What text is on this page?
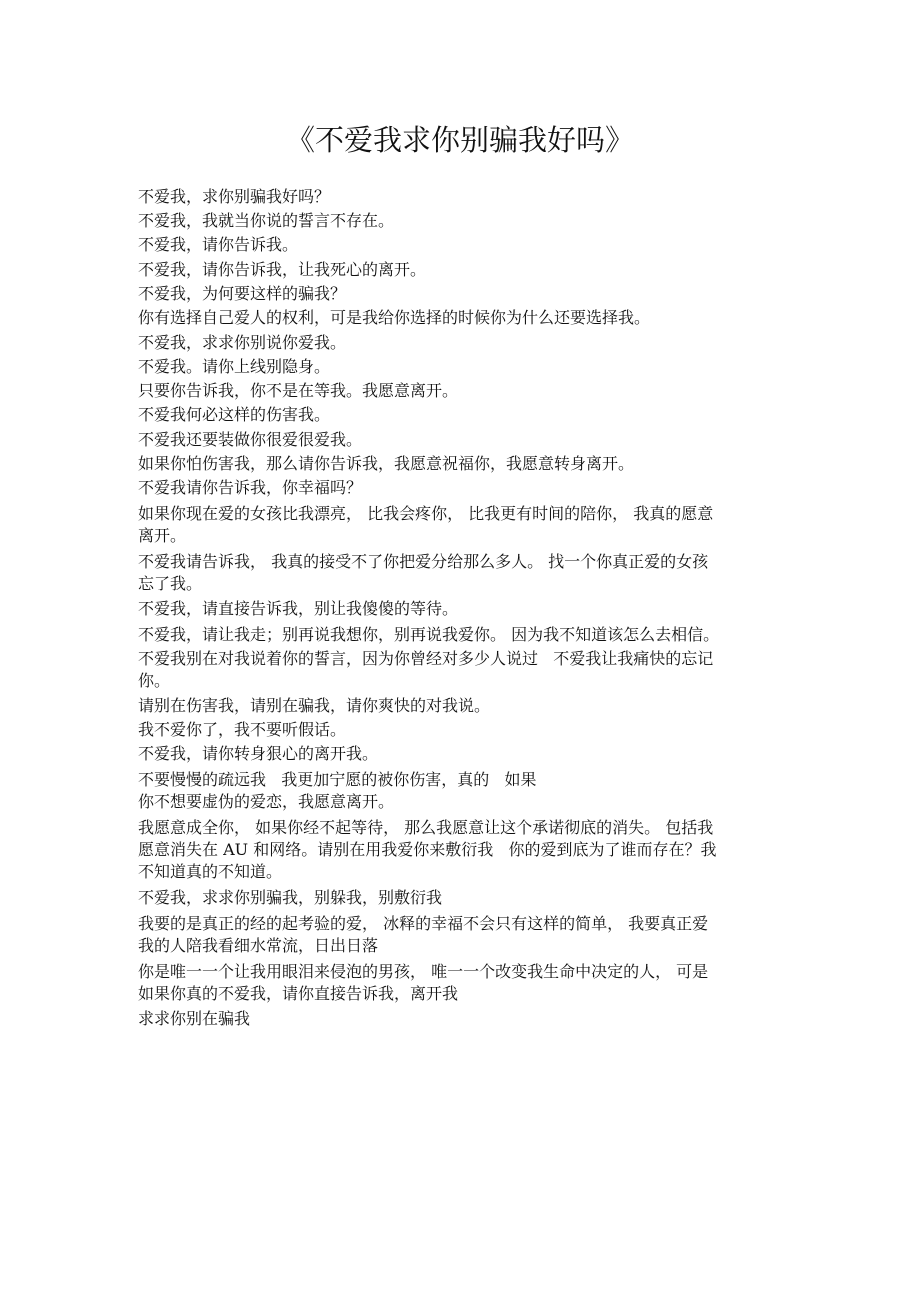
《不爱我求你别骗我好吗》
不爱我，求你别骗我好吗？
不爱我，我就当你说的誓言不存在。
不爱我，请你告诉我。
不爱我，请你告诉我，让我死心的离开。
不爱我，为何要这样的骗我？
你有选择自己爱人的权利，可是我给你选择的时候你为什么还要选择我。
不爱我，求求你别说你爱我。
不爱我。请你上线别隐身。
只要你告诉我，你不是在等我。我愿意离开。
不爱我何必这样的伤害我。
不爱我还要装做你很爱很爱我。
如果你怕伤害我，那么请你告诉我，我愿意祝福你，我愿意转身离开。
不爱我请你告诉我，你幸福吗？
如果你现在爱的女孩比我漂亮， 比我会疼你， 比我更有时间的陪你， 我真的愿意
离开。
不爱我请告诉我， 我真的接受不了你把爱分给那么多人。 找一个你真正爱的女孩
忘了我。
不爱我，请直接告诉我，别让我傻傻的等待。
不爱我，请让我走；别再说我想你，别再说我爱你。 因为我不知道该怎么去相信。
不爱我别在对我说着你的誓言，因为你曾经对多少人说过   不爱我让我痛快的忘记
你。
请别在伤害我，请别在骗我，请你爽快的对我说。
我不爱你了，我不要听假话。
不爱我，请你转身狠心的离开我。
不要慢慢的疏远我   我更加宁愿的被你伤害，真的   如果
你不想要虚伪的爱恋，我愿意离开。
我愿意成全你， 如果你经不起等待， 那么我愿意让这个承诺彻底的消失。 包括我
愿意消失在 AU 和网络。请别在用我爱你来敷衍我   你的爱到底为了谁而存在？我
不知道真的不知道。
不爱我，求求你别骗我，别躲我，别敷衍我
我要的是真正的经的起考验的爱， 冰释的幸福不会只有这样的简单， 我要真正爱
我的人陪我看细水常流，日出日落
你是唯一一个让我用眼泪来侵泡的男孩， 唯一一个改变我生命中决定的人， 可是
如果你真的不爱我，请你直接告诉我，离开我
求求你别在骗我
